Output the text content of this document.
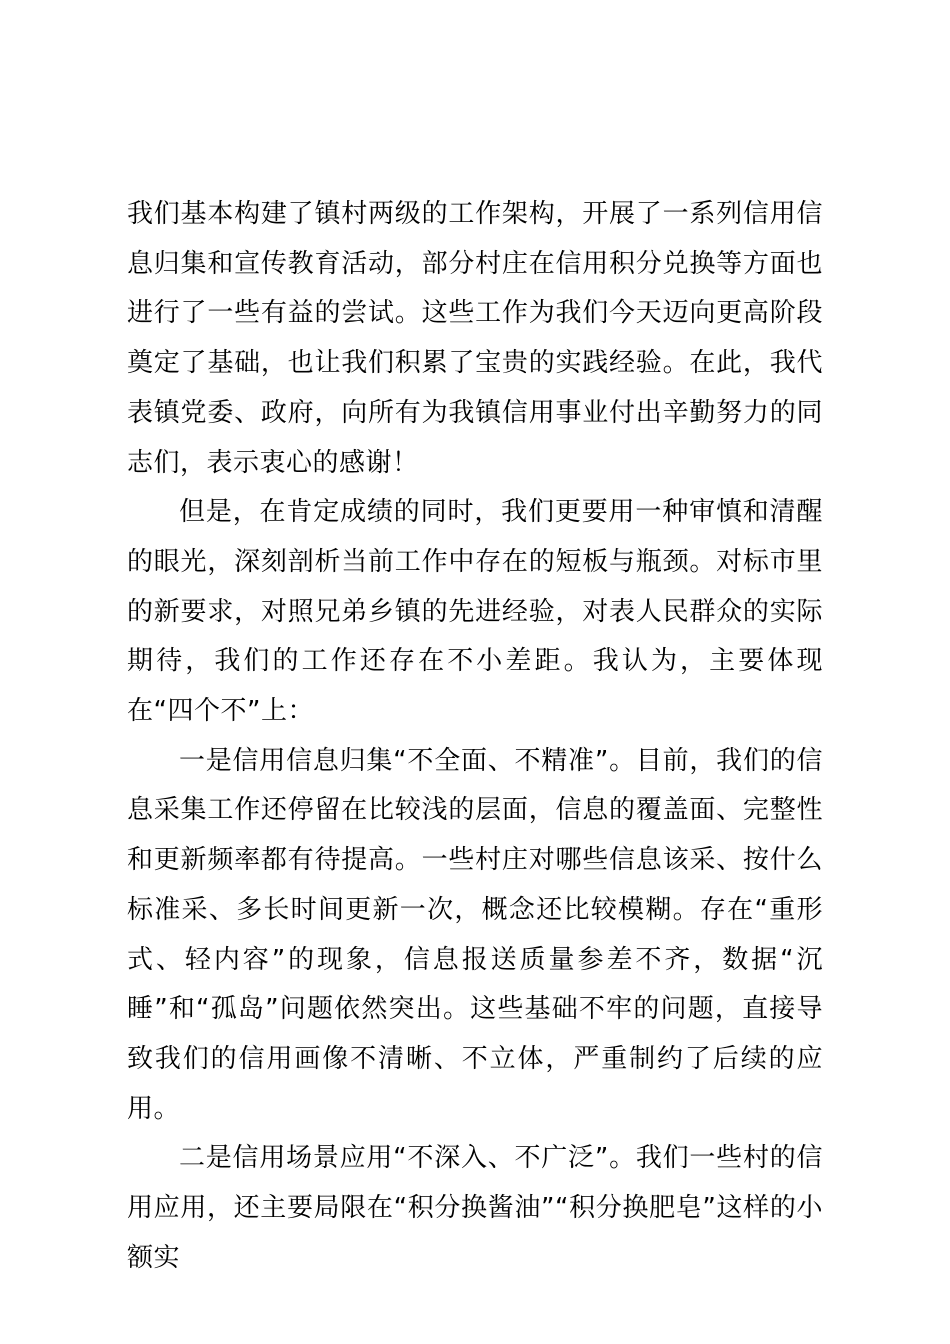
我们基本构建了镇村两级的工作架构，开展了一系列信用信息归集和宣传教育活动，部分村庄在信用积分兑换等方面也进行了一些有益的尝试。这些工作为我们今天迈向更高阶段奠定了基础，也让我们积累了宝贵的实践经验。在此，我代表镇党委、政府，向所有为我镇信用事业付出辛勤努力的同志们，表示衷心的感谢！

但是，在肯定成绩的同时，我们更要用一种审慎和清醒的眼光，深刻剖析当前工作中存在的短板与瓶颈。对标市里的新要求，对照兄弟乡镇的先进经验，对表人民群众的实际期待，我们的工作还存在不小差距。我认为，主要体现在“四个不”上：

一是信用信息归集“不全面、不精准”。目前，我们的信息采集工作还停留在比较浅的层面，信息的覆盖面、完整性和更新频率都有待提高。一些村庄对哪些信息该采、按什么标准采、多长时间更新一次，概念还比较模糊。存在“重形式、轻内容”的现象，信息报送质量参差不齐，数据“沉睡”和“孤岛”问题依然突出。这些基础不牢的问题，直接导致我们的信用画像不清晰、不立体，严重制约了后续的应用。

二是信用场景应用“不深入、不广泛”。我们一些村的信用应用，还主要局限在“积分换酱油”“积分换肥皂”这样的小额实
